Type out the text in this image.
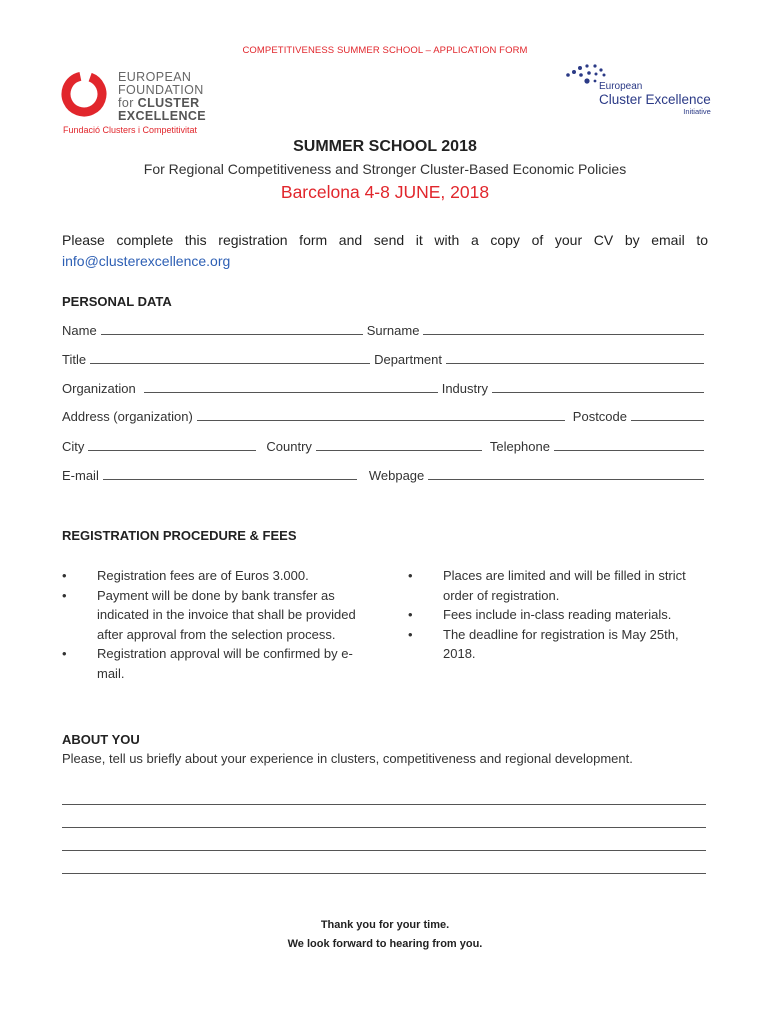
COMPETITIVENESS SUMMER SCHOOL – APPLICATION FORM
EUROPEAN
FOUNDATION
for CLUSTER
EXCELLENCE
Fundació Clusters i Competitivitat
European
Cluster Excellence
Initiative
SUMMER SCHOOL 2018
For Regional Competitiveness and Stronger Cluster-Based Economic Policies
Barcelona 4-8 JUNE, 2018
Please complete this registration form and send it with a copy of your CV by email to info@clusterexcellence.org
PERSONAL DATA
Name	Surname
Title	Department
Organization	Industry
Address (organization)	Postcode
City	Country	Telephone
E-mail	Webpage
REGISTRATION PROCEDURE & FEES
• Registration fees are of Euros 3.000.
• Payment will be done by bank transfer as indicated in the invoice that shall be provided after approval from the selection process.
• Registration approval will be confirmed by e-mail.
• Places are limited and will be filled in strict order of registration.
• Fees include in-class reading materials.
• The deadline for registration is May 25th, 2018.
ABOUT YOU
Please, tell us briefly about your experience in clusters, competitiveness and regional development.
Thank you for your time.
We look forward to hearing from you.
